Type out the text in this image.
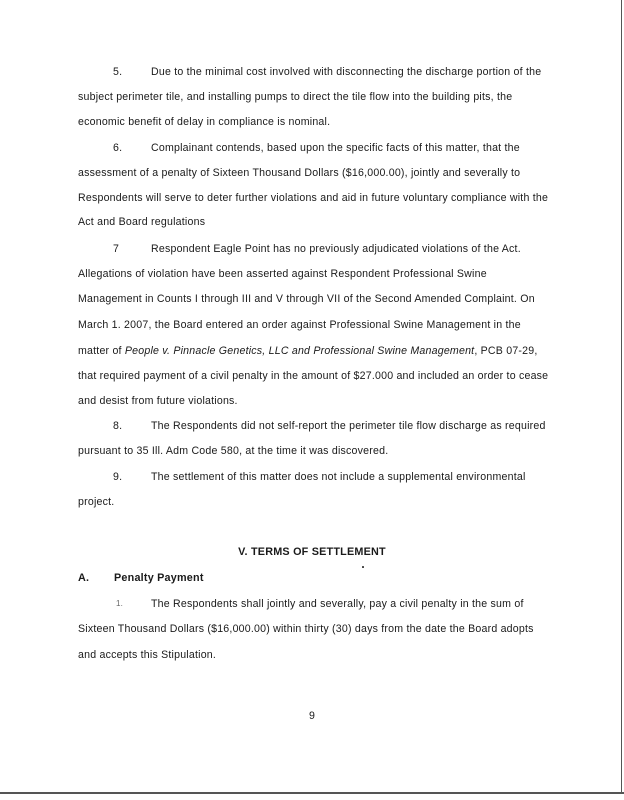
5.	Due to the minimal cost involved with disconnecting the discharge portion of the
subject perimeter tile, and installing pumps to direct the tile flow into the building pits, the
economic benefit of delay in compliance is nominal.
6.	Complainant contends, based upon the specific facts of this matter, that the
assessment of a penalty of Sixteen Thousand Dollars ($16,000.00), jointly and severally to
Respondents will serve to deter further violations and aid in future voluntary compliance with the
Act and Board regulations
7	Respondent Eagle Point has no previously adjudicated violations of the Act.
Allegations of violation have been asserted against Respondent Professional Swine
Management in Counts I through III and V through VII of the Second Amended Complaint. On
March 1. 2007, the Board entered an order against Professional Swine Management in the
matter of People v. Pinnacle Genetics, LLC and Professional Swine Management, PCB 07-29,
that required payment of a civil penalty in the amount of $27.000 and included an order to cease
and desist from future violations.
8.	The Respondents did not self-report the perimeter tile flow discharge as required
pursuant to 35 Ill. Adm Code 580, at the time it was discovered.
9.	The settlement of this matter does not include a supplemental environmental
project.
V. TERMS OF SETTLEMENT
A. Penalty Payment
1.	The Respondents shall jointly and severally, pay a civil penalty in the sum of
Sixteen Thousand Dollars ($16,000.00) within thirty (30) days from the date the Board adopts
and accepts this Stipulation.
9
